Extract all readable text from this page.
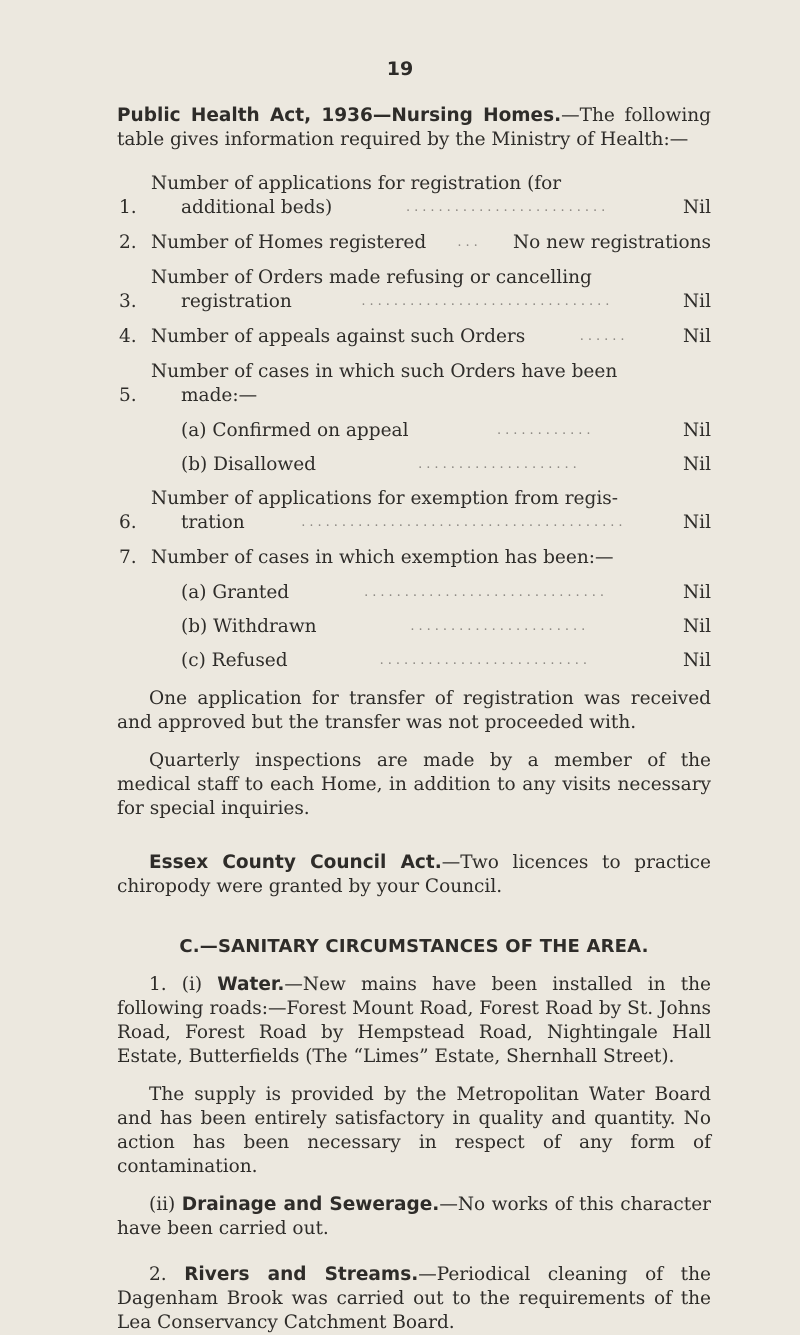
19

Public Health Act, 1936—Nursing Homes.—The following table gives information required by the Ministry of Health:—

1.
Number of applications for registration (for
additional beds)	.........................	Nil
2. Number of Homes registered	...	No new registrations
3.
Number of Orders made refusing or cancelling
registration	...............................	Nil
4. Number of appeals against such Orders	......	Nil
5.
Number of cases in which such Orders have been
made:—
(a) Confirmed on appeal	............	Nil
(b) Disallowed	....................	Nil
6.
Number of applications for exemption from regis-
tration	........................................	Nil
7. Number of cases in which exemption has been:—
(a) Granted	..............................	Nil
(b) Withdrawn	......................	Nil
(c) Refused	..........................	Nil

One application for transfer of registration was received and approved but the transfer was not proceeded with.

Quarterly inspections are made by a member of the medical staff to each Home, in addition to any visits necessary for special inquiries.

Essex County Council Act.—Two licences to practice chiropody were granted by your Council.

C.—SANITARY CIRCUMSTANCES OF THE AREA.

1. (i) Water.—New mains have been installed in the following roads:—Forest Mount Road, Forest Road by St. Johns Road, Forest Road by Hempstead Road, Nightingale Hall Estate, Butterfields (The “Limes” Estate, Shernhall Street).

The supply is provided by the Metropolitan Water Board and has been entirely satisfactory in quality and quantity. No action has been necessary in respect of any form of contamination.

(ii) Drainage and Sewerage.—No works of this character have been carried out.

2. Rivers and Streams.—Periodical cleaning of the Dagenham Brook was carried out to the requirements of the Lea Conservancy Catchment Board.
